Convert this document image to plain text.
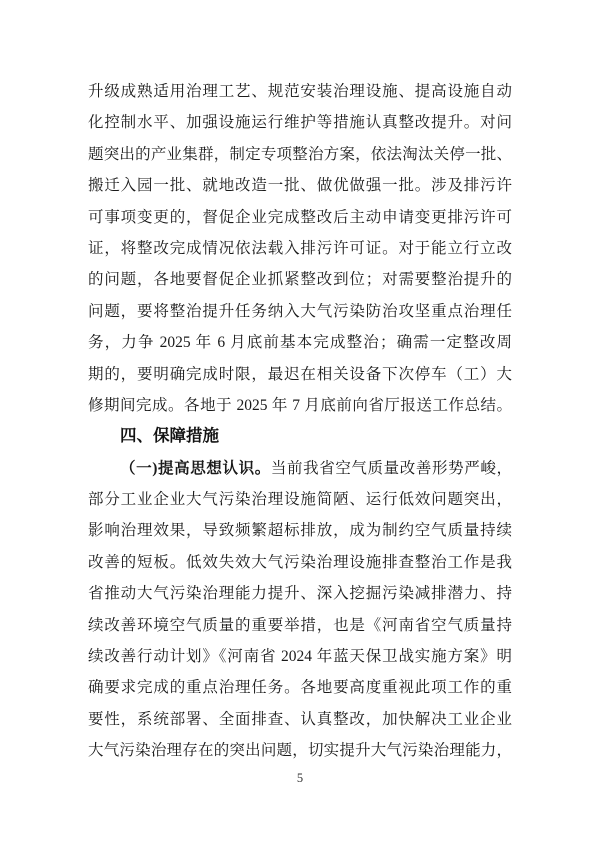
升级成熟适用治理工艺、规范安装治理设施、提高设施自动
化控制水平、加强设施运行维护等措施认真整改提升。对问
题突出的产业集群，制定专项整治方案，依法淘汰关停一批、
搬迁入园一批、就地改造一批、做优做强一批。涉及排污许
可事项变更的，督促企业完成整改后主动申请变更排污许可
证，将整改完成情况依法载入排污许可证。对于能立行立改
的问题，各地要督促企业抓紧整改到位；对需要整治提升的
问题，要将整治提升任务纳入大气污染防治攻坚重点治理任
务，力争 2025 年 6 月底前基本完成整治；确需一定整改周
期的，要明确完成时限，最迟在相关设备下次停车（工）大
修期间完成。各地于 2025 年 7 月底前向省厅报送工作总结。
四、保障措施
（一)提高思想认识。当前我省空气质量改善形势严峻，
部分工业企业大气污染治理设施简陋、运行低效问题突出，
影响治理效果，导致频繁超标排放，成为制约空气质量持续
改善的短板。低效失效大气污染治理设施排查整治工作是我
省推动大气污染治理能力提升、深入挖掘污染减排潜力、持
续改善环境空气质量的重要举措，也是《河南省空气质量持
续改善行动计划》《河南省 2024 年蓝天保卫战实施方案》明
确要求完成的重点治理任务。各地要高度重视此项工作的重
要性，系统部署、全面排查、认真整改，加快解决工业企业
大气污染治理存在的突出问题，切实提升大气污染治理能力，
5
